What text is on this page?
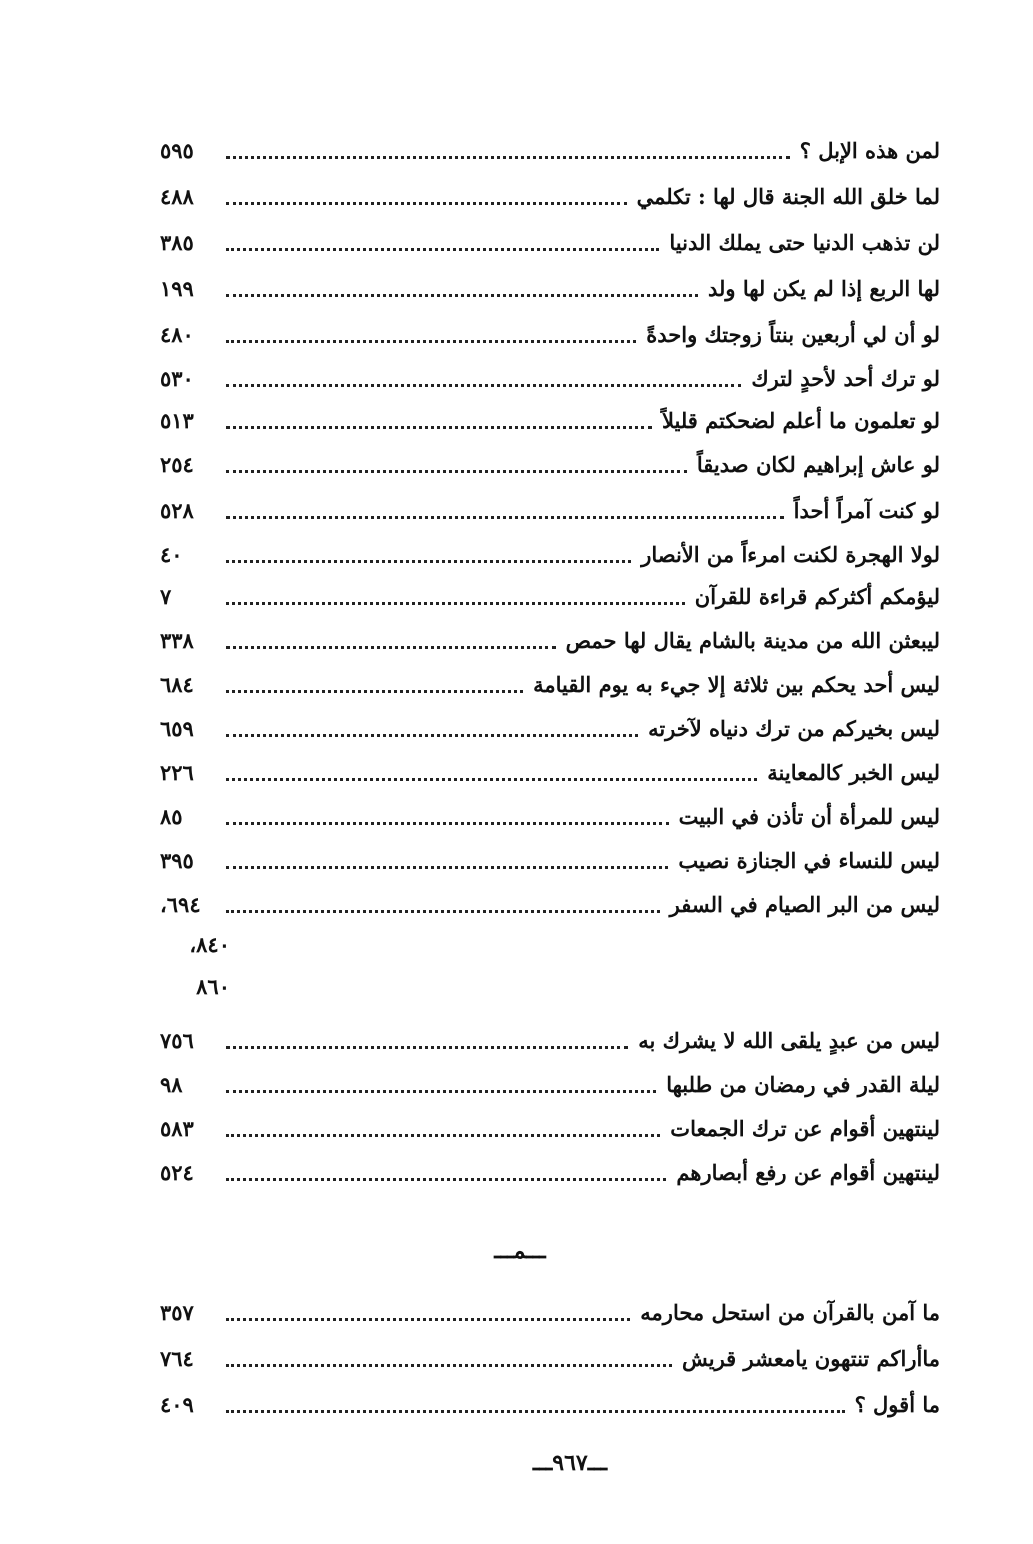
لمن هذه الإبل ؟
٥٩٥
لما خلق الله الجنة قال لها : تكلمي
٤٨٨
لن تذهب الدنيا حتى يملك الدنيا
٣٨٥
لها الربع إذا لم يكن لها ولد
١٩٩
لو أن لي أربعين بنتاً زوجتك واحدةً
٤٨٠
لو ترك أحد لأحدٍ لترك
٥٣٠
لو تعلمون ما أعلم لضحكتم قليلاً
٥١٣
لو عاش إبراهيم لكان صديقاً
٢٥٤
لو كنت آمراً أحداً
٥٢٨
لولا الهجرة لكنت امرءاً من الأنصار
٤٠
ليؤمكم أكثركم قراءة للقرآن
٧
ليبعثن الله من مدينة بالشام يقال لها حمص
٣٣٨
ليس أحد يحكم بين ثلاثة إلا جيء به يوم القيامة
٦٨٤
ليس بخيركم من ترك دنياه لآخرته
٦٥٩
ليس الخبر كالمعاينة
٢٢٦
ليس للمرأة أن تأذن في البيت
٨٥
ليس للنساء في الجنازة نصيب
٣٩٥
ليس من البر الصيام في السفر
٦٩٤،
٨٤٠،
٨٦٠
ليس من عبدٍ يلقى الله لا يشرك به
٧٥٦
ليلة القدر في رمضان من طلبها
٩٨
لينتهين أقوام عن ترك الجمعات
٥٨٣
لينتهين أقوام عن رفع أبصارهم
٥٢٤
ـــمـــ
ما آمن بالقرآن من استحل محارمه
٣٥٧
ماأراكم تنتهون يامعشر قريش
٧٦٤
ما أقول ؟
٤٠٩
ـــ٩٦٧ـــ
